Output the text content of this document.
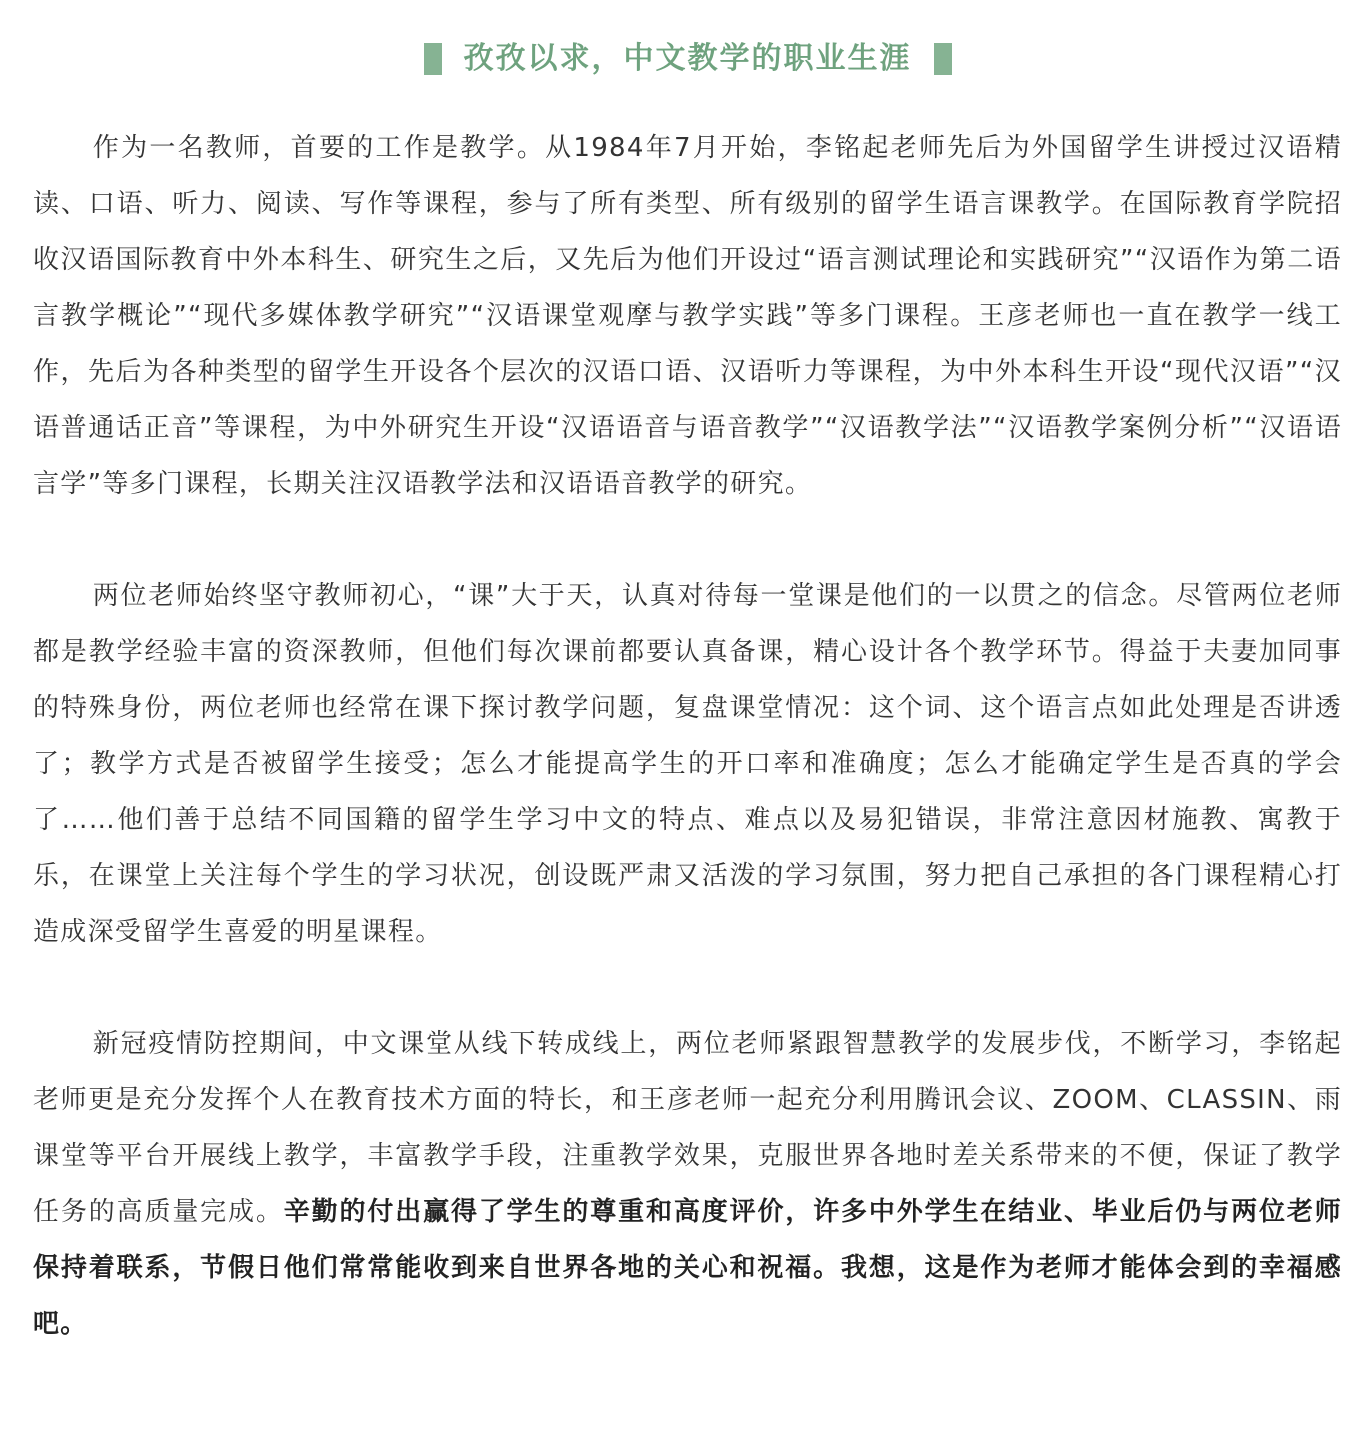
孜孜以求，中文教学的职业生涯

作为一名教师，首要的工作是教学。从1984年7月开始，李铭起老师先后为外国留学生讲授过汉语精读、口语、听力、阅读、写作等课程，参与了所有类型、所有级别的留学生语言课教学。在国际教育学院招收汉语国际教育中外本科生、研究生之后，又先后为他们开设过“语言测试理论和实践研究”“汉语作为第二语言教学概论”“现代多媒体教学研究”“汉语课堂观摩与教学实践”等多门课程。王彦老师也一直在教学一线工作，先后为各种类型的留学生开设各个层次的汉语口语、汉语听力等课程，为中外本科生开设“现代汉语”“汉语普通话正音”等课程，为中外研究生开设“汉语语音与语音教学”“汉语教学法”“汉语教学案例分析”“汉语语言学”等多门课程，长期关注汉语教学法和汉语语音教学的研究。

两位老师始终坚守教师初心，“课”大于天，认真对待每一堂课是他们的一以贯之的信念。尽管两位老师都是教学经验丰富的资深教师，但他们每次课前都要认真备课，精心设计各个教学环节。得益于夫妻加同事的特殊身份，两位老师也经常在课下探讨教学问题，复盘课堂情况：这个词、这个语言点如此处理是否讲透了；教学方式是否被留学生接受；怎么才能提高学生的开口率和准确度；怎么才能确定学生是否真的学会了……他们善于总结不同国籍的留学生学习中文的特点、难点以及易犯错误，非常注意因材施教、寓教于乐，在课堂上关注每个学生的学习状况，创设既严肃又活泼的学习氛围，努力把自己承担的各门课程精心打造成深受留学生喜爱的明星课程。

新冠疫情防控期间，中文课堂从线下转成线上，两位老师紧跟智慧教学的发展步伐，不断学习，李铭起老师更是充分发挥个人在教育技术方面的特长，和王彦老师一起充分利用腾讯会议、ZOOM、CLASSIN、雨课堂等平台开展线上教学，丰富教学手段，注重教学效果，克服世界各地时差关系带来的不便，保证了教学任务的高质量完成。辛勤的付出赢得了学生的尊重和高度评价，许多中外学生在结业、毕业后仍与两位老师保持着联系，节假日他们常常能收到来自世界各地的关心和祝福。我想，这是作为老师才能体会到的幸福感吧。
